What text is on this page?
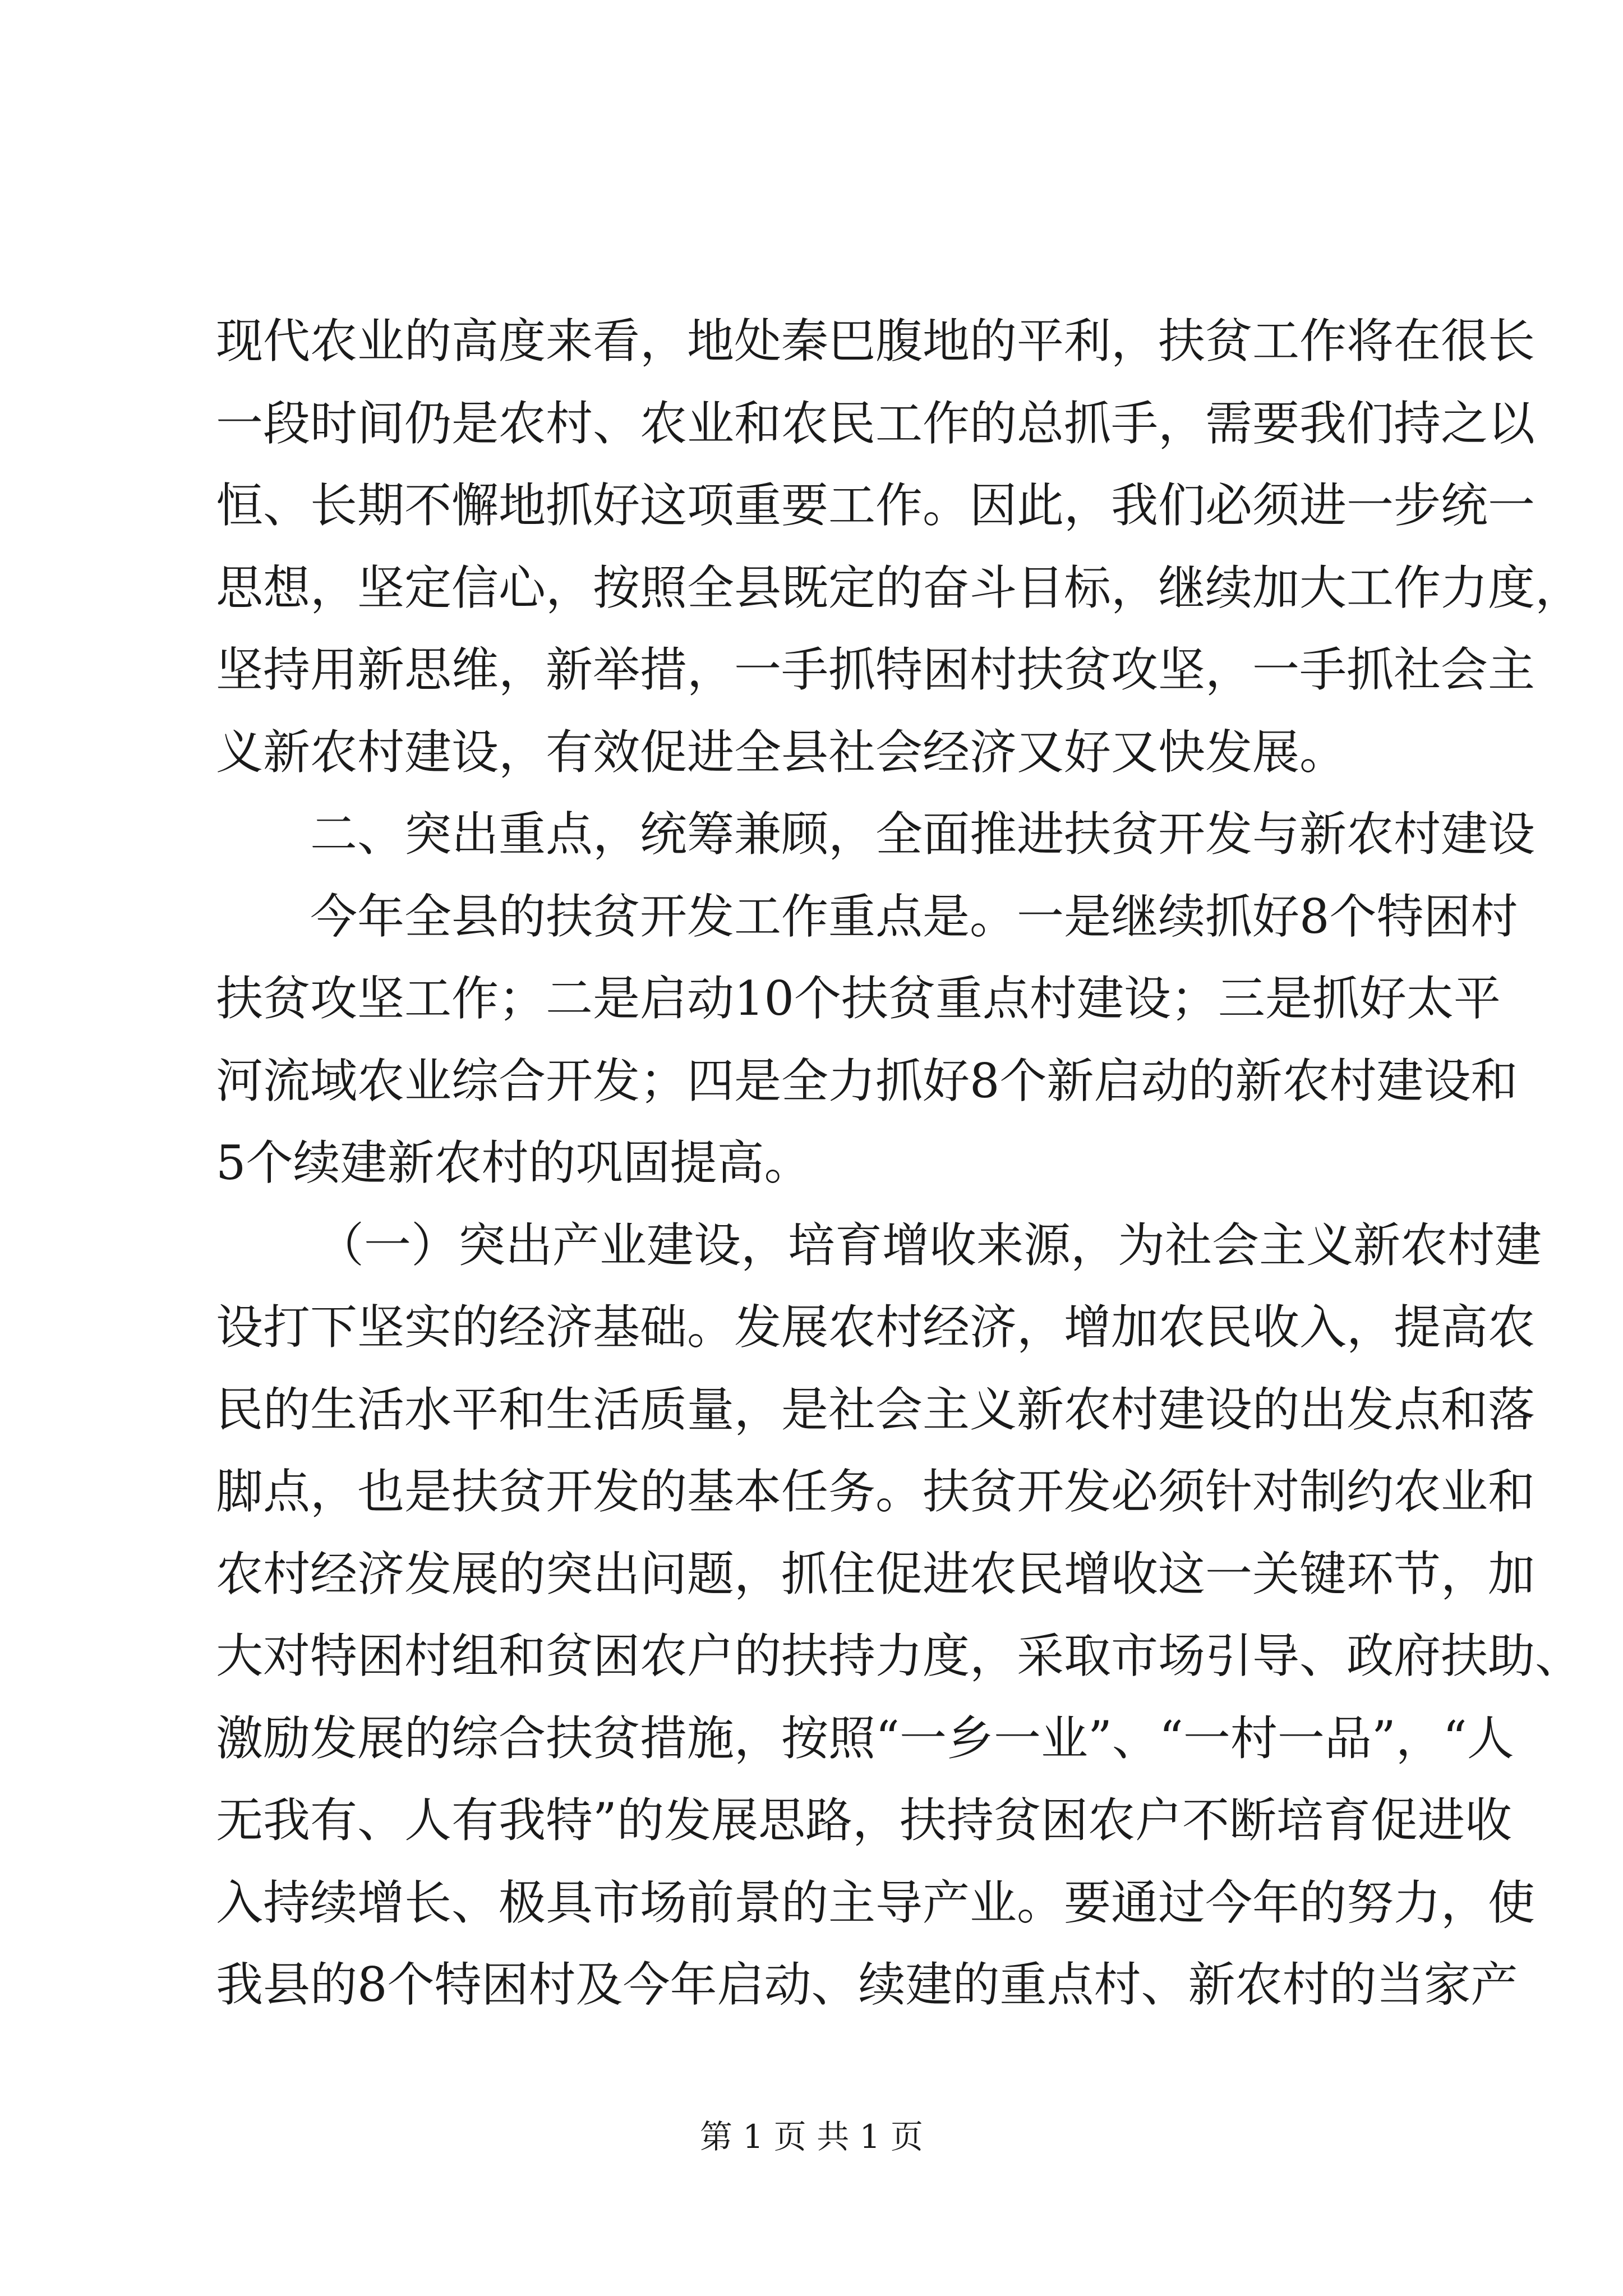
现代农业的高度来看，地处秦巴腹地的平利，扶贫工作将在很长
一段时间仍是农村、农业和农民工作的总抓手，需要我们持之以
恒、长期不懈地抓好这项重要工作。因此，我们必须进一步统一
思想，坚定信心，按照全县既定的奋斗目标，继续加大工作力度，
坚持用新思维，新举措，一手抓特困村扶贫攻坚，一手抓社会主
义新农村建设，有效促进全县社会经济又好又快发展。
二、突出重点，统筹兼顾，全面推进扶贫开发与新农村建设
今年全县的扶贫开发工作重点是。一是继续抓好8个特困村
扶贫攻坚工作；二是启动10个扶贫重点村建设；三是抓好太平
河流域农业综合开发；四是全力抓好8个新启动的新农村建设和
5个续建新农村的巩固提高。
（一）突出产业建设，培育增收来源，为社会主义新农村建
设打下坚实的经济基础。发展农村经济，增加农民收入，提高农
民的生活水平和生活质量，是社会主义新农村建设的出发点和落
脚点，也是扶贫开发的基本任务。扶贫开发必须针对制约农业和
农村经济发展的突出问题，抓住促进农民增收这一关键环节，加
大对特困村组和贫困农户的扶持力度，采取市场引导、政府扶助、
激励发展的综合扶贫措施，按照“一乡一业”、“一村一品”，“人
无我有、人有我特”的发展思路，扶持贫困农户不断培育促进收
入持续增长、极具市场前景的主导产业。要通过今年的努力，使
我县的8个特困村及今年启动、续建的重点村、新农村的当家产
第 1 页 共 1 页
